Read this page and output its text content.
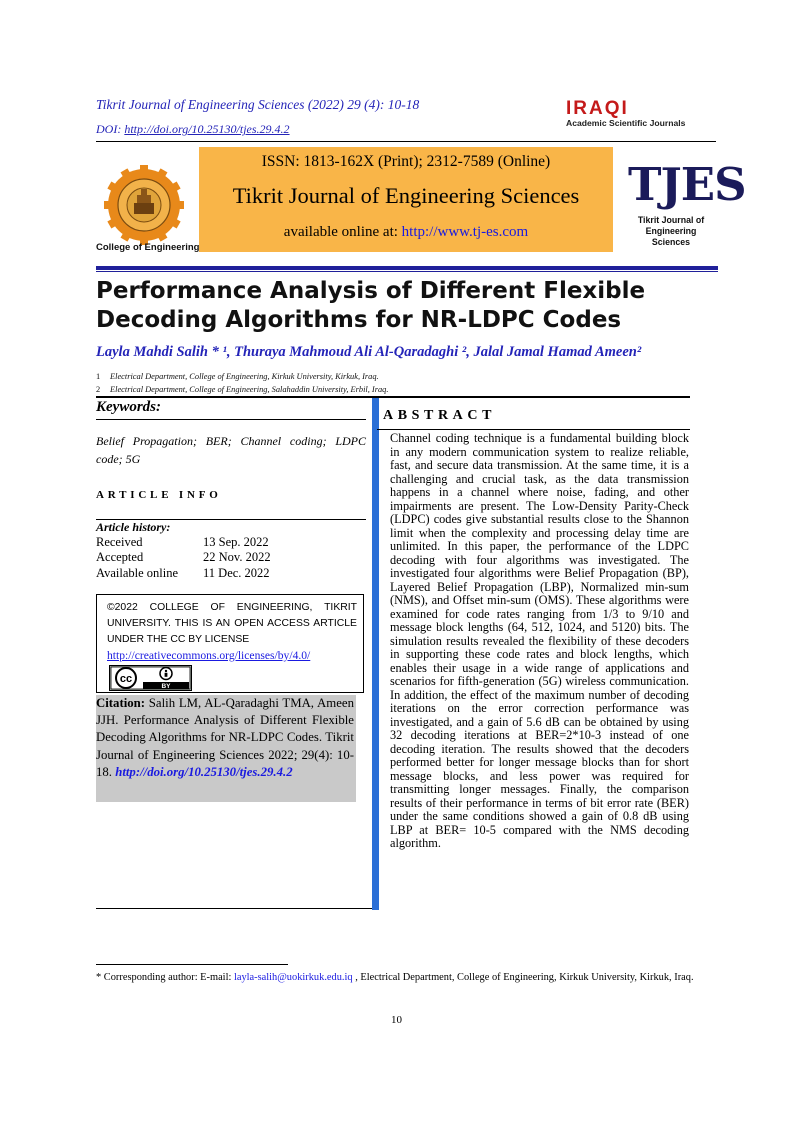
Tikrit Journal of Engineering Sciences (2022) 29 (4): 10-18
DOI: http://doi.org/10.25130/tjes.29.4.2
IRAQI
Academic Scientific Journals
College of Engineering
ISSN: 1813-162X (Print); 2312-7589 (Online)
Tikrit Journal of Engineering Sciences
available online at: http://www.tj-es.com
TJES
Tikrit Journal of
Engineering Sciences
Performance Analysis of Different Flexible Decoding Algorithms for NR-LDPC Codes
Layla Mahdi Salih * ¹, Thuraya Mahmoud Ali Al-Qaradaghi ², Jalal Jamal Hamad Ameen²
1 Electrical Department, College of Engineering, Kirkuk University, Kirkuk, Iraq.
2 Electrical Department, College of Engineering, Salahaddin University, Erbil, Iraq.
Keywords:
Belief Propagation; BER; Channel coding; LDPC code; 5G
ARTICLE INFO
Article history:
Received	13 Sep. 2022
Accepted	22 Nov. 2022
Available online 11 Dec. 2022
©2022 COLLEGE OF ENGINEERING, TIKRIT UNIVERSITY. THIS IS AN OPEN ACCESS ARTICLE UNDER THE CC BY LICENSE
http://creativecommons.org/licenses/by/4.0/
cc
BY
Citation: Salih LM, AL-Qaradaghi TMA, Ameen JJH. Performance Analysis of Different Flexible Decoding Algorithms for NR-LDPC Codes. Tikrit Journal of Engineering Sciences 2022; 29(4): 10- 18. http://doi.org/10.25130/tjes.29.4.2
ABSTRACT
Channel coding technique is a fundamental building block in any modern communication system to realize reliable, fast, and secure data transmission. At the same time, it is a challenging and crucial task, as the data transmission happens in a channel where noise, fading, and other impairments are present. The Low-Density Parity-Check (LDPC) codes give substantial results close to the Shannon limit when the complexity and processing delay time are unlimited. In this paper, the performance of the LDPC decoding with four algorithms was investigated. The investigated four algorithms were Belief Propagation (BP), Layered Belief Propagation (LBP), Normalized min-sum (NMS), and Offset min-sum (OMS). These algorithms were examined for code rates ranging from 1/3 to 9/10 and message block lengths (64, 512, 1024, and 5120) bits. The simulation results revealed the flexibility of these decoders in supporting these code rates and block lengths, which enables their usage in a wide range of applications and scenarios for fifth-generation (5G) wireless communication. In addition, the effect of the maximum number of decoding iterations on the error correction performance was investigated, and a gain of 5.6 dB can be obtained by using 32 decoding iterations at BER=2*10-3 instead of one decoding iteration. The results showed that the decoders performed better for longer message blocks than for short message blocks, and less power was required for transmitting longer messages. Finally, the comparison results of their performance in terms of bit error rate (BER) under the same conditions showed a gain of 0.8 dB using LBP at BER= 10-5 compared with the NMS decoding algorithm.
* Corresponding author: E-mail: layla-salih@uokirkuk.edu.iq , Electrical Department, College of Engineering, Kirkuk University, Kirkuk, Iraq.
10
